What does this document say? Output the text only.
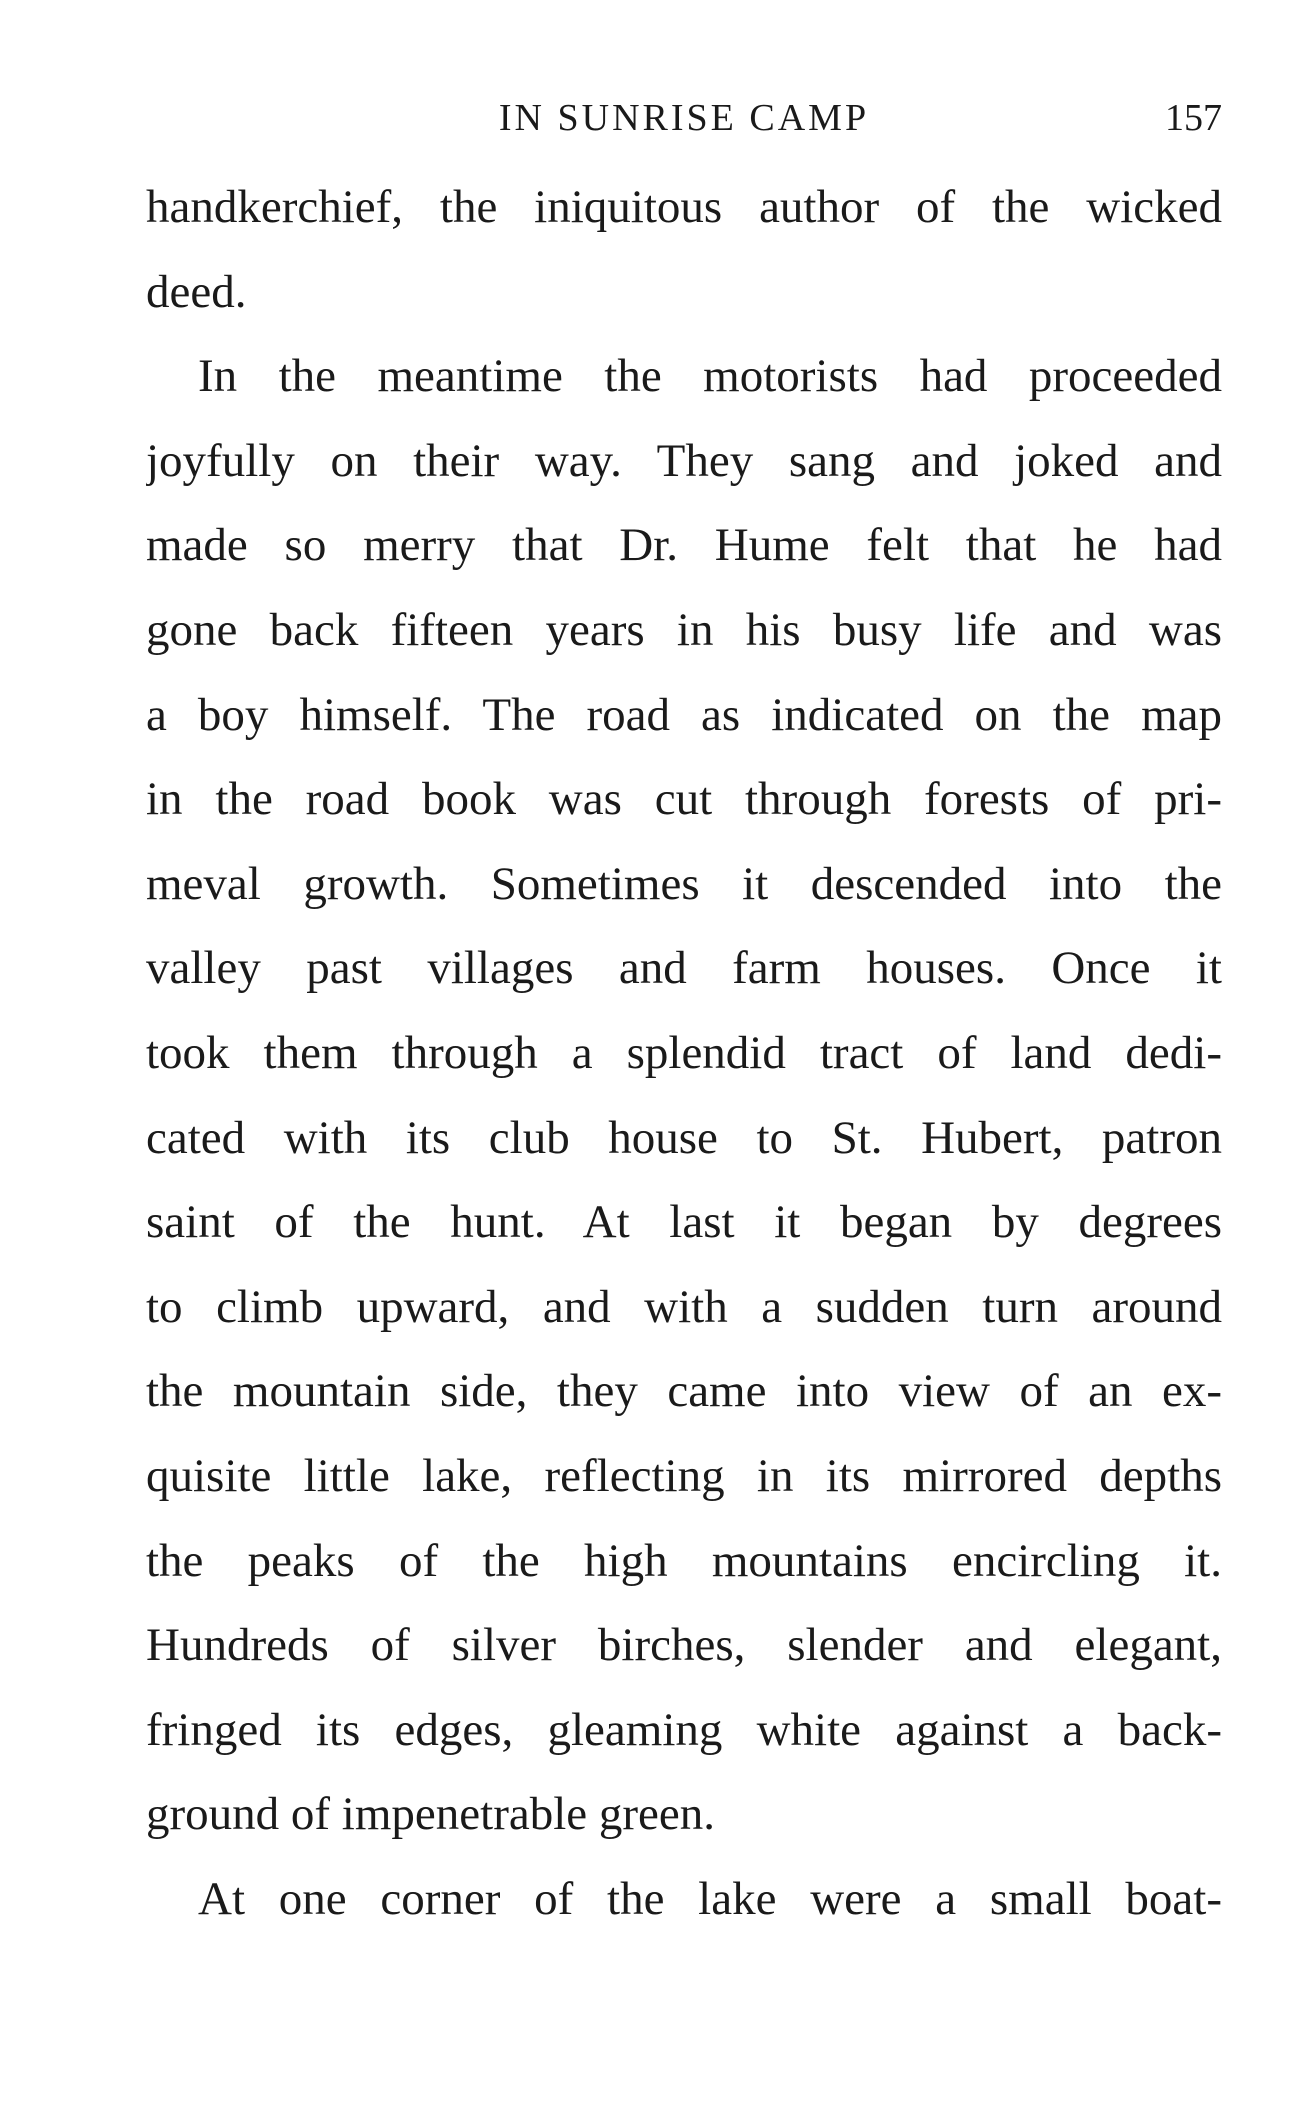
IN SUNRISE CAMP	157
handkerchief, the iniquitous author of the wicked
deed.
In the meantime the motorists had proceeded
joyfully on their way. They sang and joked and
made so merry that Dr. Hume felt that he had
gone back fifteen years in his busy life and was
a boy himself. The road as indicated on the map
in the road book was cut through forests of pri-
meval growth. Sometimes it descended into the
valley past villages and farm houses. Once it
took them through a splendid tract of land dedi-
cated with its club house to St. Hubert, patron
saint of the hunt. At last it began by degrees
to climb upward, and with a sudden turn around
the mountain side, they came into view of an ex-
quisite little lake, reflecting in its mirrored depths
the peaks of the high mountains encircling it.
Hundreds of silver birches, slender and elegant,
fringed its edges, gleaming white against a back-
ground of impenetrable green.
At one corner of the lake were a small boat-
